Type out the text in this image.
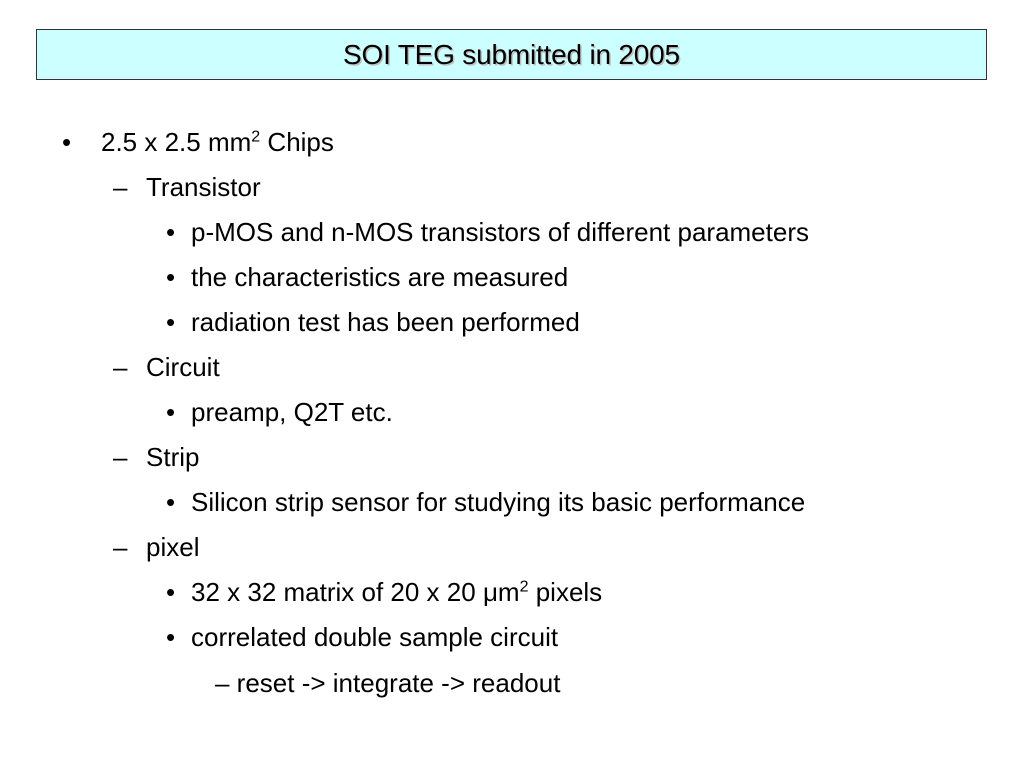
SOI TEG submitted in 2005
• 2.5 x 2.5 $mm^2$ Chips
– Transistor
• p-MOS and n-MOS transistors of different parameters
• the characteristics are measured
• radiation test has been performed
– Circuit
• preamp, Q2T etc.
– Strip
• Silicon strip sensor for studying its basic performance
– pixel
• 32 x 32 matrix of 20 x 20 $\mu m^2$ pixels
• correlated double sample circuit
– reset -> integrate -> readout
